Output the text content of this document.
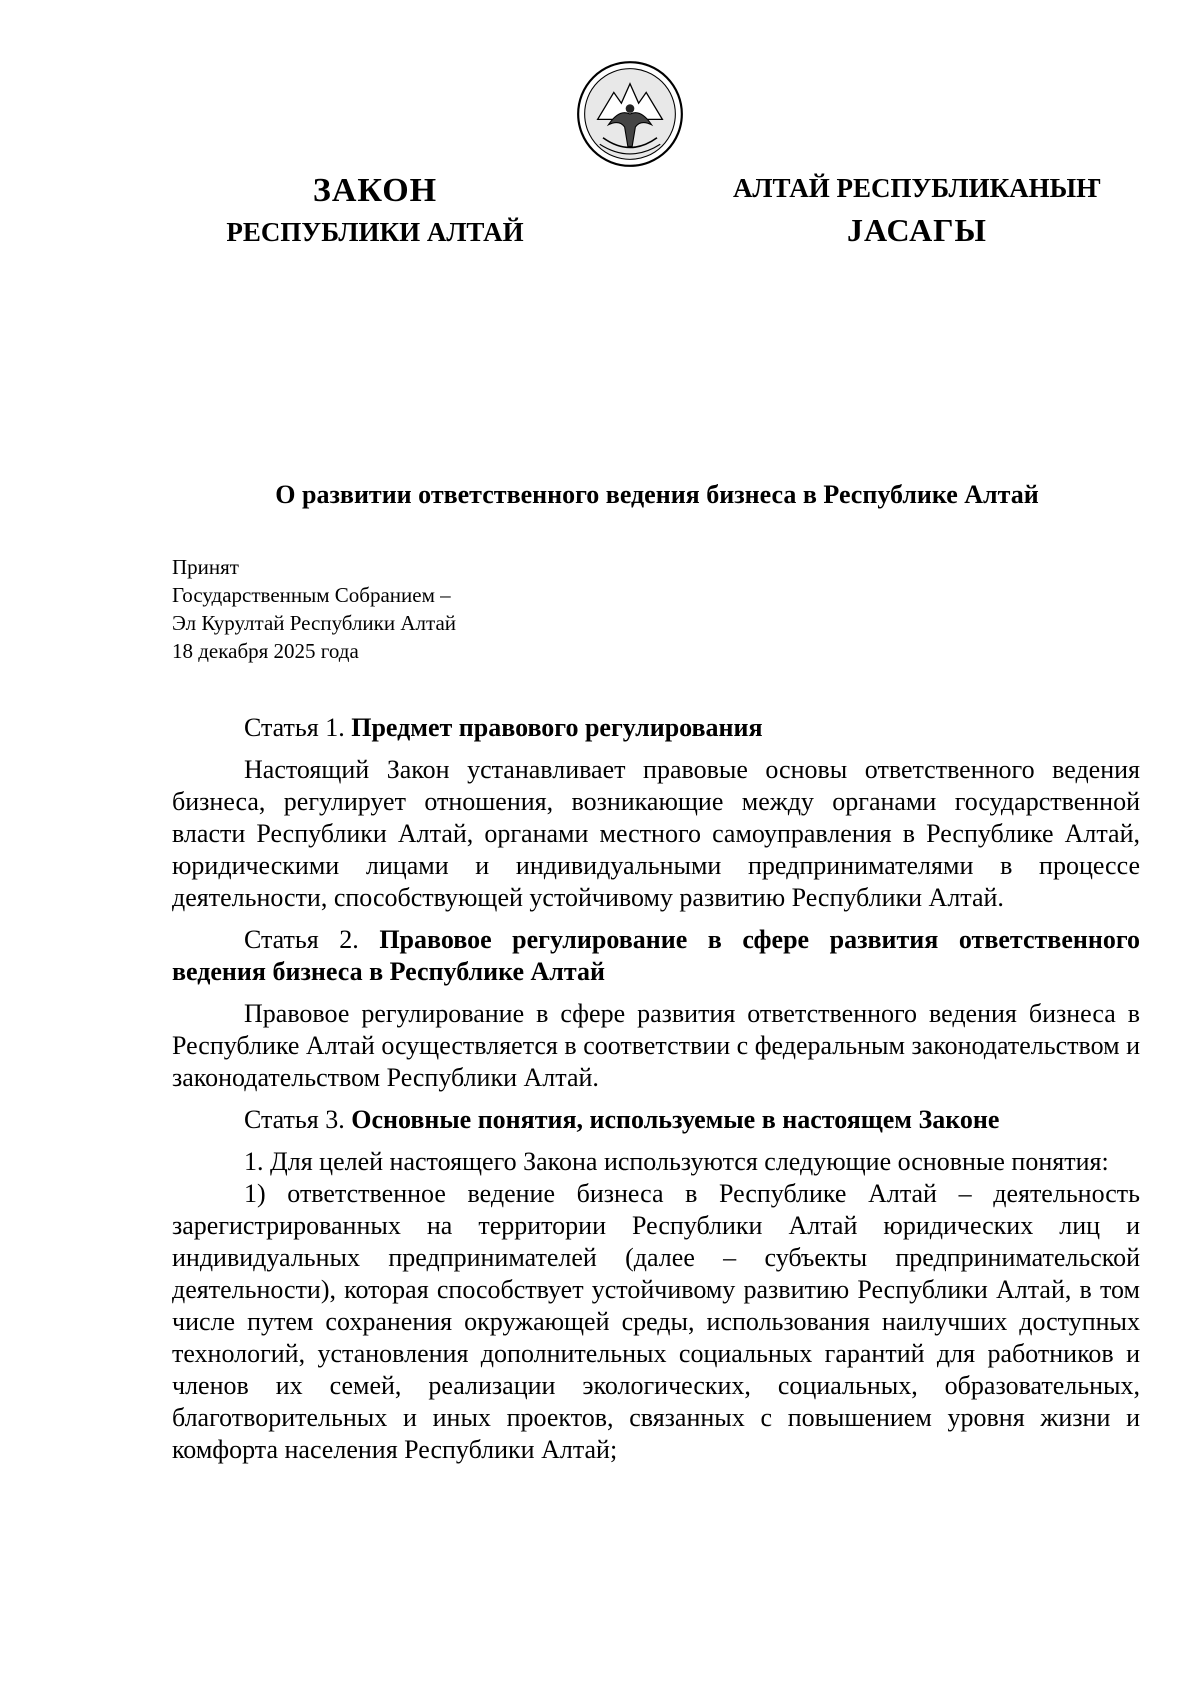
ЗАКОН
РЕСПУБЛИКИ АЛТАЙ
АЛТАЙ РЕСПУБЛИКАНЫҤ
JАСАГЫ
О развитии ответственного ведения бизнеса в Республике Алтай
Принят
Государственным Собранием –
Эл Курултай Республики Алтай
18 декабря 2025 года
Статья 1. Предмет правового регулирования

Настоящий Закон устанавливает правовые основы ответственного ведения бизнеса, регулирует отношения, возникающие между органами государственной власти Республики Алтай, органами местного самоуправления в Республике Алтай, юридическими лицами и индивидуальными предпринимателями в процессе деятельности, способствующей устойчивому развитию Республики Алтай.

Статья 2. Правовое регулирование в сфере развития ответственного ведения бизнеса в Республике Алтай

Правовое регулирование в сфере развития ответственного ведения бизнеса в Республике Алтай осуществляется в соответствии с федеральным законодательством и законодательством Республики Алтай.

Статья 3. Основные понятия, используемые в настоящем Законе

1. Для целей настоящего Закона используются следующие основные понятия:

1) ответственное ведение бизнеса в Республике Алтай – деятельность зарегистрированных на территории Республики Алтай юридических лиц и индивидуальных предпринимателей (далее – субъекты предпринимательской деятельности), которая способствует устойчивому развитию Республики Алтай, в том числе путем сохранения окружающей среды, использования наилучших доступных технологий, установления дополнительных социальных гарантий для работников и членов их семей, реализации экологических, социальных, образовательных, благотворительных и иных проектов, связанных с повышением уровня жизни и комфорта населения Республики Алтай;
